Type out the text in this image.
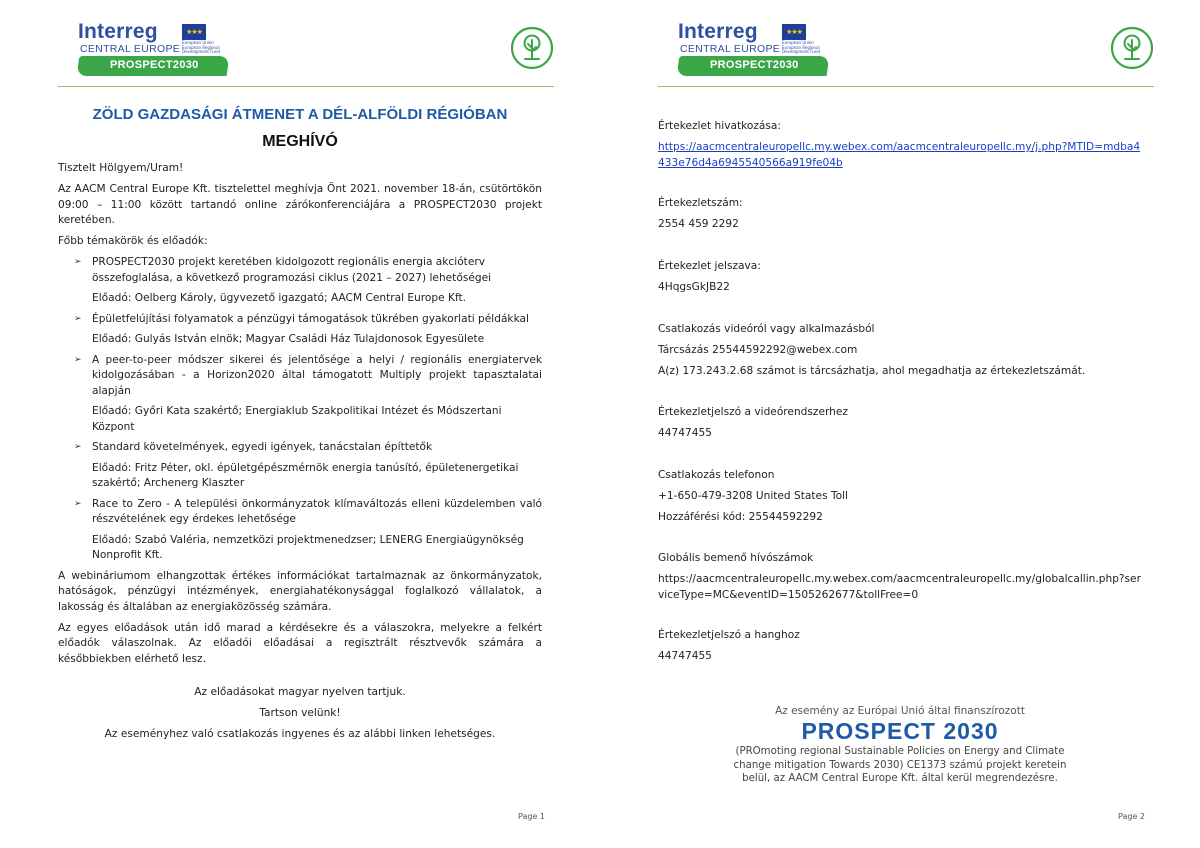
Interreg	★★★
European Union European Regional Development Fund
CENTRAL EUROPE
PROSPECT2030
ZÖLD GAZDASÁGI ÁTMENET A DÉL-ALFÖLDI RÉGIÓBAN
MEGHÍVÓ

Tisztelt Hölgyem/Uram!

Az AACM Central Europe Kft. tisztelettel meghívja Önt 2021. november 18-án, csütörtökön 09:00 – 11:00 között tartandó online zárókonferenciájára a PROSPECT2030 projekt keretében.

Főbb témakörök és előadók:

➢ PROSPECT2030 projekt keretében kidolgozott regionális energia akcióterv összefoglalása, a következő programozási ciklus (2021 – 2027) lehetőségei
Előadó: Oelberg Károly, ügyvezető igazgató; AACM Central Europe Kft.
➢ Épületfelújítási folyamatok a pénzügyi támogatások tükrében gyakorlati példákkal
Előadó: Gulyás István elnök; Magyar Családi Ház Tulajdonosok Egyesülete
➢ A peer-to-peer módszer sikerei és jelentősége a helyi / regionális energiatervek kidolgozásában - a Horizon2020 által támogatott Multiply projekt tapasztalatai alapján
Előadó: Győri Kata szakértő; Energiaklub Szakpolitikai Intézet és Módszertani Központ
➢ Standard követelmények, egyedi igények, tanácstalan építtetők
Előadó: Fritz Péter, okl. épületgépészmérnök energia tanúsító, épületenergetikai szakértő; Archenerg Klaszter
➢ Race to Zero - A települési önkormányzatok klímaváltozás elleni küzdelemben való részvételének egy érdekes lehetősége
Előadó: Szabó Valéria, nemzetközi projektmenedzser; LENERG Energiaügynökség Nonprofit Kft.

A webináriumom elhangzottak értékes információkat tartalmaznak az önkormányzatok, hatóságok, pénzügyi intézmények, energiahatékonysággal foglalkozó vállalatok, a lakosság és általában az energiaközösség számára.

Az egyes előadások után idő marad a kérdésekre és a válaszokra, melyekre a felkért előadók válaszolnak. Az előadói előadásai a regisztrált résztvevők számára a későbbiekben elérhető lesz.

Az előadásokat magyar nyelven tartjuk.

Tartson velünk!

Az eseményhez való csatlakozás ingyenes és az alábbi linken lehetséges.

Page 1
Interreg	★★★
European Union European Regional Development Fund
CENTRAL EUROPE
PROSPECT2030
Értekezlet hivatkozása:
https://aacmcentraleuropellc.my.webex.com/aacmcentraleuropellc.my/j.php?MTID=mdba4433e76d4a6945540566a919fe04b
Értekezletszám:
2554 459 2292
Értekezlet jelszava:
4HqgsGkJB22
Csatlakozás videóról vagy alkalmazásból
Tárcsázás 25544592292@webex.com
A(z) 173.243.2.68 számot is tárcsázhatja, ahol megadhatja az értekezletszámát.
Értekezletjelszó a videórendszerhez
44747455
Csatlakozás telefonon
+1-650-479-3208 United States Toll
Hozzáférési kód: 25544592292
Globális bemenő hívószámok
https://aacmcentraleuropellc.my.webex.com/aacmcentraleuropellc.my/globalcallin.php?serviceType=MC&eventID=1505262677&tollFree=0
Értekezletjelszó a hanghoz
44747455
Az esemény az Európai Unió által finanszírozott
PROSPECT 2030
(PROmoting regional Sustainable Policies on Energy and Climate change mitigation Towards 2030) CE1373 számú projekt keretein belül, az AACM Central Europe Kft. által kerül megrendezésre.
Page 2
